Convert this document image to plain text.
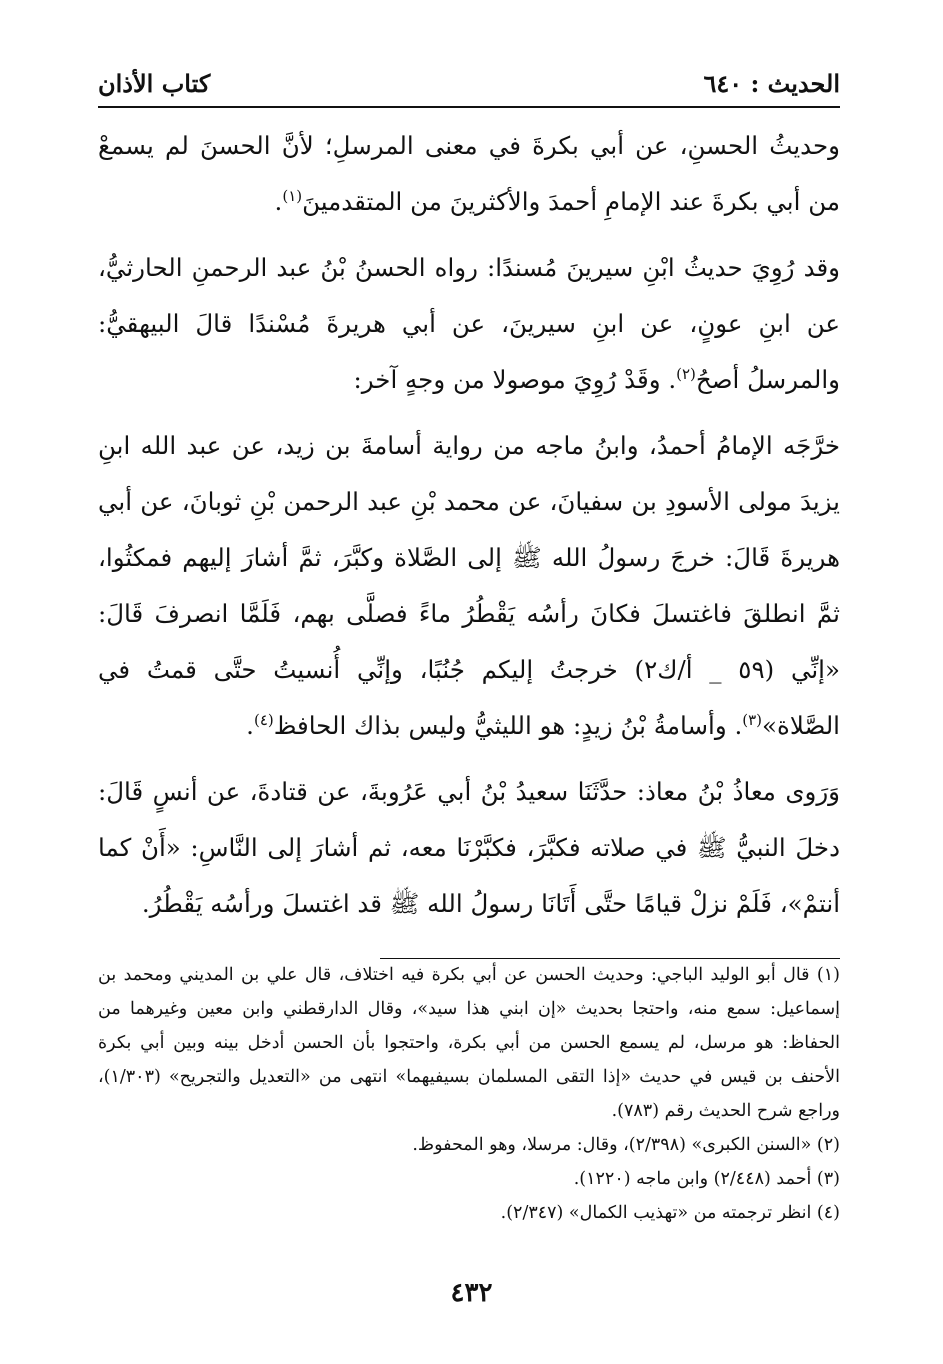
الحديث : ٦٤٠
كتاب الأذان

وحديثُ الحسنِ، عن أبي بكرةَ في معنى المرسلِ؛ لأنَّ الحسنَ لم يسمعْ من أبي بكرةَ عند الإمامِ أحمدَ والأكثرينَ من المتقدمينَ$^{(١)}$.

وقد رُوِيَ حديثُ ابْنِ سيرينَ مُسندًا: رواه الحسنُ بْنُ عبد الرحمنِ الحارثيُّ، عن ابنِ عونٍ، عن ابنِ سيرينَ، عن أبي هريرةَ مُسْندًا قالَ البيهقيُّ: والمرسلُ أصحُ$^{(٢)}$. وقَدْ رُوِيَ موصولا من وجهٍ آخر:

خرَّجَه الإمامُ أحمدُ، وابنُ ماجه من رواية أسامةَ بن زيد، عن عبد الله ابنِ يزيدَ مولى الأسودِ بن سفيانَ، عن محمد بْنِ عبد الرحمن بْنِ ثوبانَ، عن أبي هريرةَ قَالَ: خرجَ رسولُ الله ﷺ إلى الصَّلاة وكبَّرَ، ثمَّ أشارَ إليهم فمكثُوا، ثمَّ انطلقَ فاغتسلَ فكانَ رأسُه يَقْطُرُ ماءً فصلَّى بهم، فَلَمَّا انصرفَ قَالَ: «إنِّي (٥٩ _ أ/ك٢) خرجتُ إليكم جُنُبًا، وإنِّي أُنسيتُ حتَّى قمتُ في الصَّلاة»$^{(٣)}$. وأسامةُ بْنُ زيدٍ: هو الليثيُّ وليس بذاك الحافظ$^{(٤)}$.

وَرَوى معاذُ بْنُ معاذ: حدَّثَنَا سعيدُ بْنُ أبي عَرُوبةَ، عن قتادةَ، عن أنسٍ قَالَ: دخلَ النبيُّ ﷺ في صلاته فكبَّرَ، فكبَّرْنَا معه، ثم أشارَ إلى النَّاسِ: «أَنْ كما أنتمْ»، فَلَمْ نزلْ قيامًا حتَّى أَتَانَا رسولُ الله ﷺ قد اغتسلَ ورأسُه يَقْطُرُ.

(١) قال أبو الوليد الباجي: وحديث الحسن عن أبي بكرة فيه اختلاف، قال علي بن المديني ومحمد بن إسماعيل: سمع منه، واحتجا بحديث «إن ابني هذا سيد»، وقال الدارقطني وابن معين وغيرهما من الحفاظ: هو مرسل، لم يسمع الحسن من أبي بكرة، واحتجوا بأن الحسن أدخل بينه وبين أبي بكرة الأحنف بن قيس في حديث «إذا التقى المسلمان بسيفيهما» انتهى من «التعديل والتجريح» (١/٣٠٣)، وراجع شرح الحديث رقم (٧٨٣).

(٢) «السنن الكبرى» (٢/٣٩٨)، وقال: مرسلا، وهو المحفوظ.

(٣) أحمد (٢/٤٤٨) وابن ماجه (١٢٢٠).

(٤) انظر ترجمته من «تهذيب الكمال» (٢/٣٤٧).

٤٣٢
